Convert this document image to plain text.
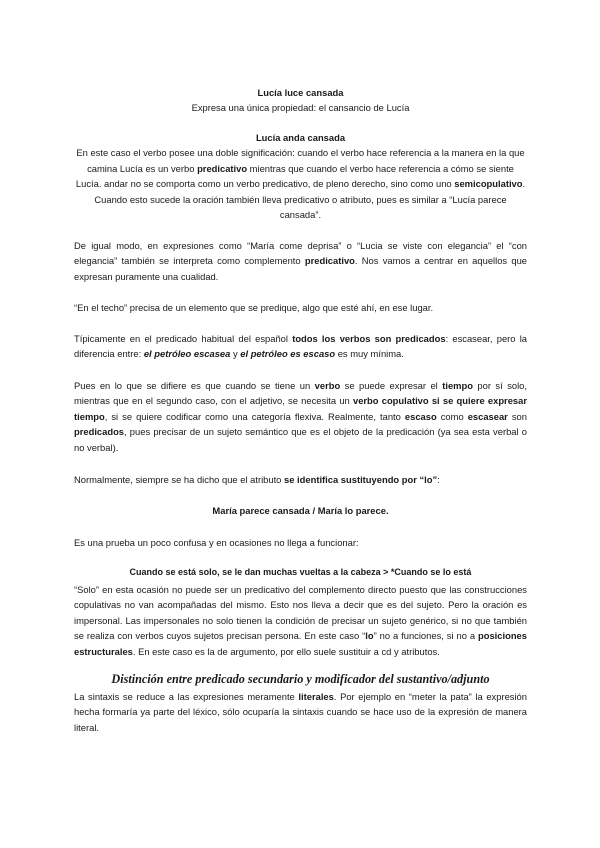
Lucía luce cansada
Expresa una única propiedad: el cansancio de Lucía
Lucía anda cansada
En este caso el verbo posee una doble significación: cuando el verbo hace referencia a la manera en la que camina Lucía es un verbo predicativo mientras que cuando el verbo hace referencia a cómo se siente Lucía. andar no se comporta como un verbo predicativo, de pleno derecho, sino como uno semicopulativo. Cuando esto sucede la oración también lleva predicativo o atributo, pues es similar a “Lucía parece cansada”.

De igual modo, en expresiones como “María come deprisa” o “Lucia se viste con elegancia” el “con elegancia” también se interpreta como complemento predicativo. Nos vamos a centrar en aquellos que expresan puramente una cualidad.

“En el techo” precisa de un elemento que se predique, algo que esté ahí, en ese lugar.

Típicamente en el predicado habitual del español todos los verbos son predicados: escasear, pero la diferencia entre: el petróleo escasea y el petróleo es escaso es muy mínima.

Pues en lo que se difiere es que cuando se tiene un verbo se puede expresar el tiempo por sí solo, mientras que en el segundo caso, con el adjetivo, se necesita un verbo copulativo si se quiere expresar tiempo, si se quiere codificar como una categoría flexiva. Realmente, tanto escaso como escasear son predicados, pues precisar de un sujeto semántico que es el objeto de la predicación (ya sea esta verbal o no verbal).

Normalmente, siempre se ha dicho que el atributo se identifica sustituyendo por “lo”:

María parece cansada / María lo parece.

Es una prueba un poco confusa y en ocasiones no llega a funcionar:

Cuando se está solo, se le dan muchas vueltas a la cabeza > *Cuando se lo está

“Solo” en esta ocasión no puede ser un predicativo del complemento directo puesto que las construcciones copulativas no van acompañadas del mismo. Esto nos lleva a decir que es del sujeto. Pero la oración es impersonal. Las impersonales no solo tienen la condición de precisar un sujeto genérico, si no que también se realiza con verbos cuyos sujetos precisan persona. En este caso “lo” no a funciones, si no a posiciones estructurales. En este caso es la de argumento, por ello suele sustituir a cd y atributos.

Distinción entre predicado secundario y modificador del sustantivo/adjunto

La sintaxis se reduce a las expresiones meramente literales. Por ejemplo en “meter la pata” la expresión hecha formaría ya parte del léxico, sólo ocuparía la sintaxis cuando se hace uso de la expresión de manera literal.
